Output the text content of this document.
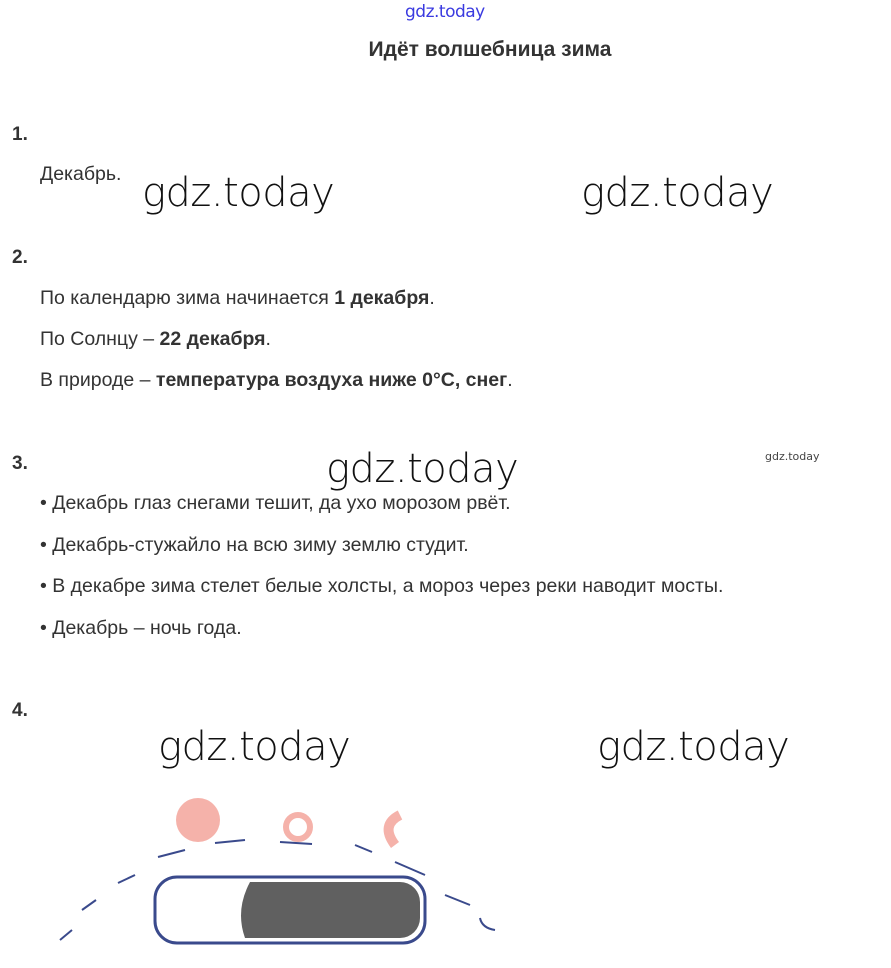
gdz.today
Идёт волшебница зима
1.
Декабрь.
2.
По календарю зима начинается 1 декабря.
По Солнцу – 22 декабря.
В природе – температура воздуха ниже 0°С, снег.
3.
• Декабрь глаз снегами тешит, да ухо морозом рвёт.
• Декабрь-стужайло на всю зиму землю студит.
• В декабре зима стелет белые холсты, а мороз через реки наводит мосты.
• Декабрь – ночь года.
4.
gdz.today	gdz.today
gdz.today	gdz.today
gdz.today	gdz.today
